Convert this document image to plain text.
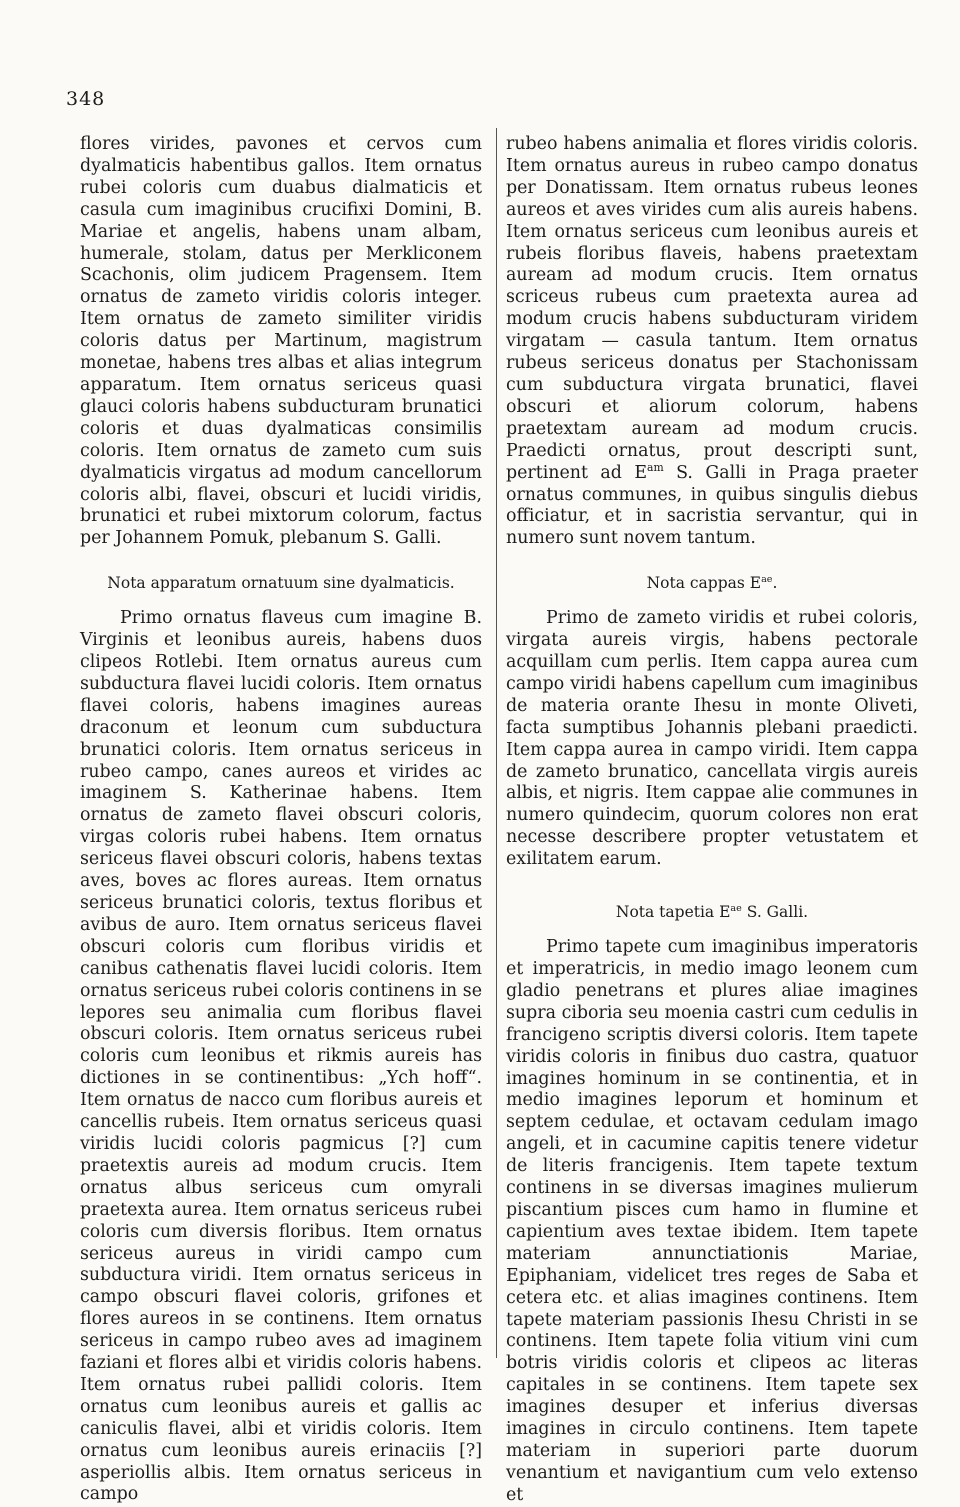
348

flores virides, pavones et cervos cum dyalmaticis habentibus gallos. Item ornatus rubei coloris cum duabus dialmaticis et casula cum imaginibus crucifixi Domini, B. Mariae et angelis, habens unam albam, humerale, stolam, datus per Merkliconem Scachonis, olim judicem Pragensem. Item ornatus de zameto viridis coloris integer. Item ornatus de zameto similiter viridis coloris datus per Martinum, magistrum monetae, habens tres albas et alias integrum apparatum. Item ornatus sericeus quasi glauci coloris habens subducturam brunatici coloris et duas dyalmaticas consimilis coloris. Item ornatus de zameto cum suis dyalmaticis virgatus ad modum cancellorum coloris albi, flavei, obscuri et lucidi viridis, brunatici et rubei mixtorum colorum, factus per Johannem Pomuk, plebanum S. Galli.

Nota apparatum ornatuum sine dyalmaticis.

Primo ornatus flaveus cum imagine B. Virginis et leonibus aureis, habens duos clipeos Rotlebi. Item ornatus aureus cum subductura flavei lucidi coloris. Item ornatus flavei coloris, habens imagines aureas draconum et leonum cum subductura brunatici coloris. Item ornatus sericeus in rubeo campo, canes aureos et virides ac imaginem S. Katherinae habens. Item ornatus de zameto flavei obscuri coloris, virgas coloris rubei habens. Item ornatus sericeus flavei obscuri coloris, habens textas aves, boves ac flores aureas. Item ornatus sericeus brunatici coloris, textus floribus et avibus de auro. Item ornatus sericeus flavei obscuri coloris cum floribus viridis et canibus cathenatis flavei lucidi coloris. Item ornatus sericeus rubei coloris continens in se lepores seu animalia cum floribus flavei obscuri coloris. Item ornatus sericeus rubei coloris cum leonibus et rikmis aureis has dictiones in se continentibus: „Ych hoff“. Item ornatus de nacco cum floribus aureis et cancellis rubeis. Item ornatus sericeus quasi viridis lucidi coloris pagmicus [?] cum praetextis aureis ad modum crucis. Item ornatus albus sericeus cum omyrali praetexta aurea. Item ornatus sericeus rubei coloris cum diversis floribus. Item ornatus sericeus aureus in viridi campo cum subductura viridi. Item ornatus sericeus in campo obscuri flavei coloris, grifones et flores aureos in se continens. Item ornatus sericeus in campo rubeo aves ad imaginem faziani et flores albi et viridis coloris habens. Item ornatus rubei pallidi coloris. Item ornatus cum leonibus aureis et gallis ac caniculis flavei, albi et viridis coloris. Item ornatus cum leonibus aureis erinaciis [?] asperiollis albis. Item ornatus sericeus in campo

rubeo habens animalia et flores viridis coloris. Item ornatus aureus in rubeo campo donatus per Donatissam. Item ornatus rubeus leones aureos et aves virides cum alis aureis habens. Item ornatus sericeus cum leonibus aureis et rubeis floribus flaveis, habens praetextam auream ad modum crucis. Item ornatus scriceus rubeus cum praetexta aurea ad modum crucis habens subducturam viridem virgatam — casula tantum. Item ornatus rubeus sericeus donatus per Stachonissam cum subductura virgata brunatici, flavei obscuri et aliorum colorum, habens praetextam auream ad modum crucis. Praedicti ornatus, prout descripti sunt, pertinent ad $E^{am}$ S. Galli in Praga praeter ornatus communes, in quibus singulis diebus officiatur, et in sacristia servantur, qui in numero sunt novem tantum.

Nota cappas $E^{ae}$.

Primo de zameto viridis et rubei coloris, virgata aureis virgis, habens pectorale acquillam cum perlis. Item cappa aurea cum campo viridi habens capellum cum imaginibus de materia orante Ihesu in monte Oliveti, facta sumptibus Johannis plebani praedicti. Item cappa aurea in campo viridi. Item cappa de zameto brunatico, cancellata virgis aureis albis, et nigris. Item cappae alie communes in numero quindecim, quorum colores non erat necesse describere propter vetustatem et exilitatem earum.

Nota tapetia $E^{ae}$ S. Galli.

Primo tapete cum imaginibus imperatoris et imperatricis, in medio imago leonem cum gladio penetrans et plures aliae imagines supra ciboria seu moenia castri cum cedulis in francigeno scriptis diversi coloris. Item tapete viridis coloris in finibus duo castra, quatuor imagines hominum in se continentia, et in medio imagines leporum et hominum et septem cedulae, et octavam cedulam imago angeli, et in cacumine capitis tenere videtur de literis francigenis. Item tapete textum continens in se diversas imagines mulierum piscantium pisces cum hamo in flumine et capientium aves textae ibidem. Item tapete materiam annunctiationis Mariae, Epiphaniam, videlicet tres reges de Saba et cetera etc. et alias imagines continens. Item tapete materiam passionis Ihesu Christi in se continens. Item tapete folia vitium vini cum botris viridis coloris et clipeos ac literas capitales in se continens. Item tapete sex imagines desuper et inferius diversas imagines in circulo continens. Item tapete materiam in superiori parte duorum venantium et navigantium cum velo extenso et
